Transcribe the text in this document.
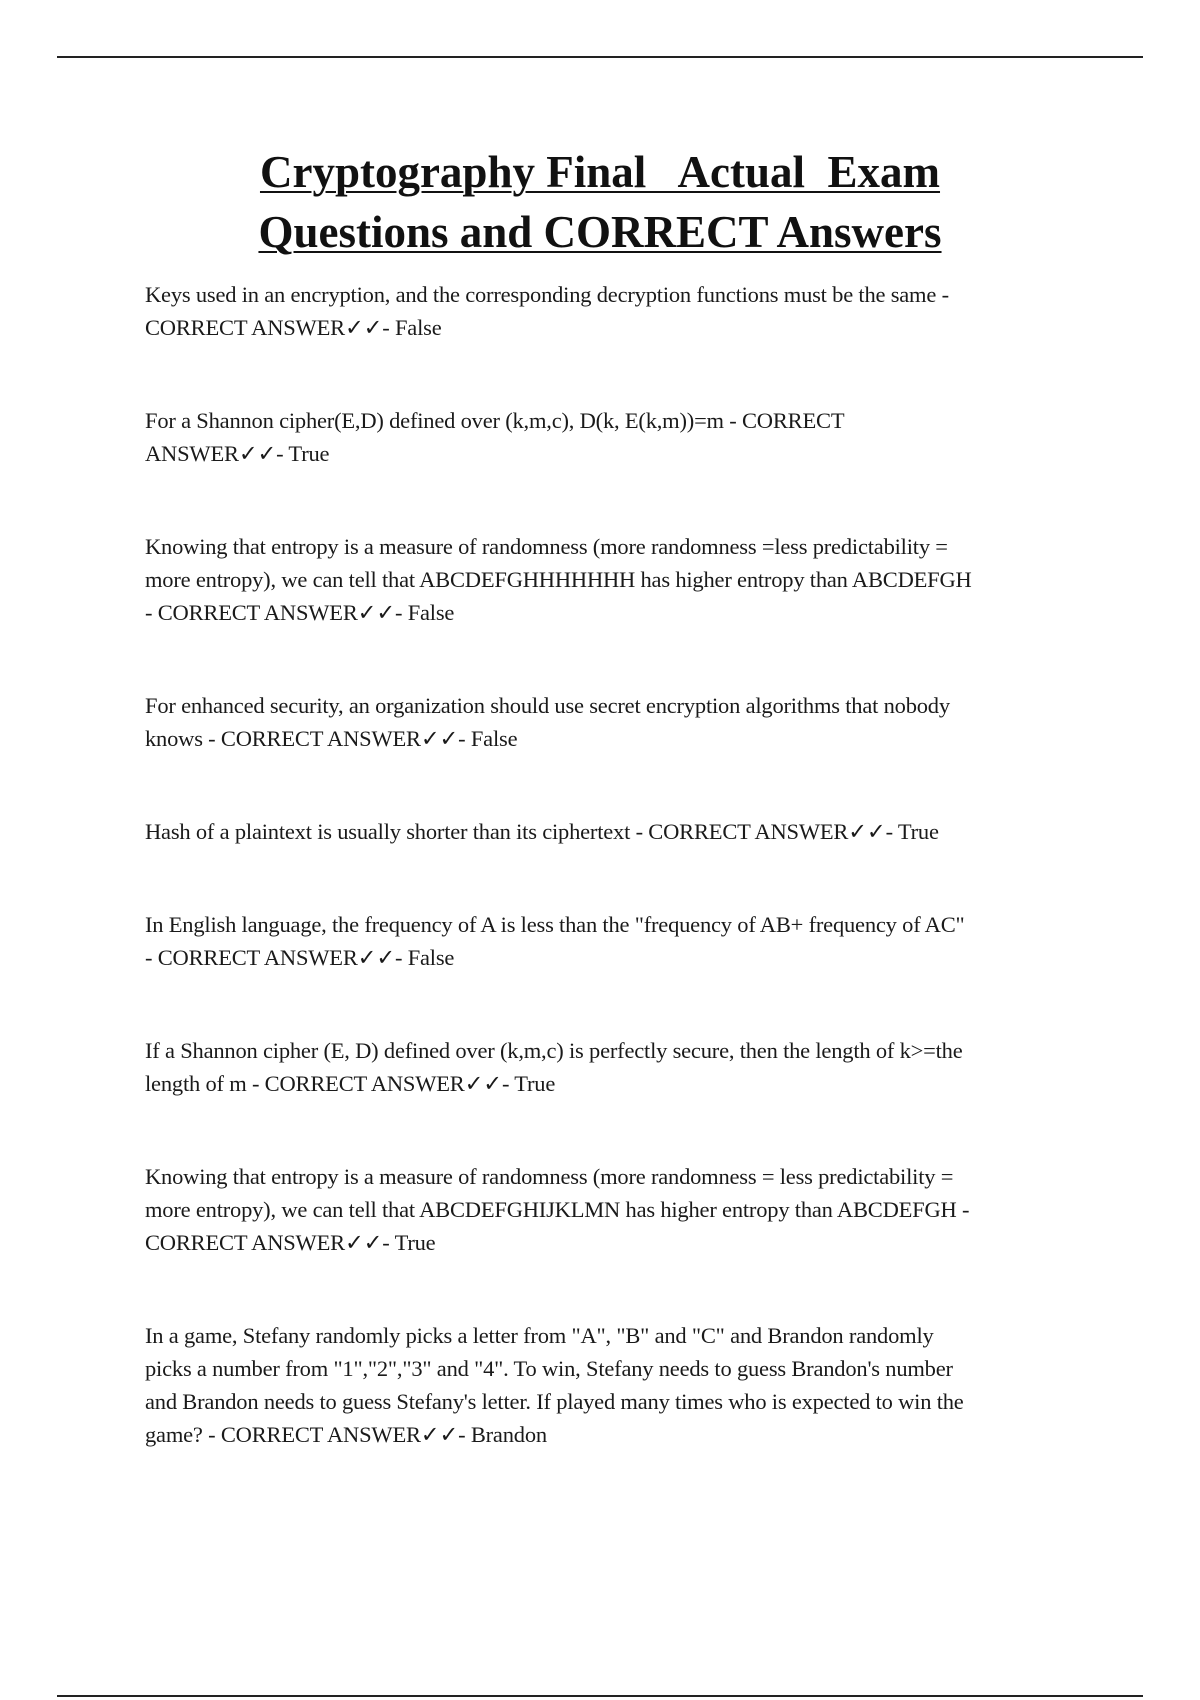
Cryptography Final   Actual  Exam
Questions and CORRECT Answers

Keys used in an encryption, and the corresponding decryption functions must be the same -
CORRECT ANSWER✓✓- False

For a Shannon cipher(E,D) defined over (k,m,c), D(k, E(k,m))=m - CORRECT
ANSWER✓✓- True

Knowing that entropy is a measure of randomness (more randomness =less predictability =
more entropy), we can tell that ABCDEFGHHHHHHH has higher entropy than ABCDEFGH
- CORRECT ANSWER✓✓- False

For enhanced security, an organization should use secret encryption algorithms that nobody
knows - CORRECT ANSWER✓✓- False

Hash of a plaintext is usually shorter than its ciphertext - CORRECT ANSWER✓✓- True

In English language, the frequency of A is less than the "frequency of AB+ frequency of AC"
- CORRECT ANSWER✓✓- False

If a Shannon cipher (E, D) defined over (k,m,c) is perfectly secure, then the length of k>=the
length of m - CORRECT ANSWER✓✓- True

Knowing that entropy is a measure of randomness (more randomness = less predictability =
more entropy), we can tell that ABCDEFGHIJKLMN has higher entropy than ABCDEFGH -
CORRECT ANSWER✓✓- True

In a game, Stefany randomly picks a letter from "A", "B" and "C" and Brandon randomly
picks a number from "1","2","3" and "4". To win, Stefany needs to guess Brandon's number
and Brandon needs to guess Stefany's letter. If played many times who is expected to win the
game? - CORRECT ANSWER✓✓- Brandon
